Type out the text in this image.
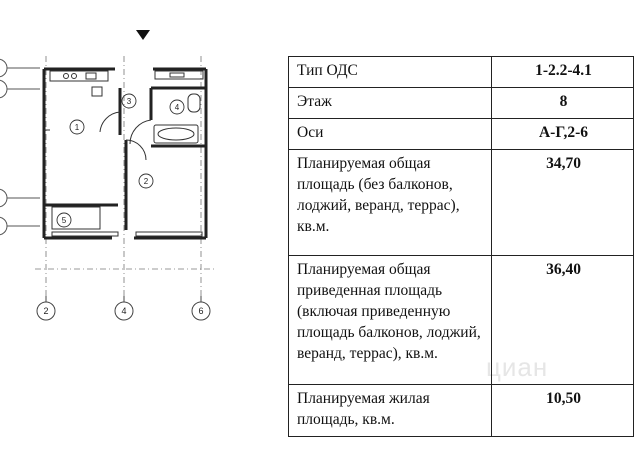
1
2
3
4
5
2	4	6
циан
Тип ОДС	1-2.2-4.1
Этаж	8
Оси	А-Г,2-6
Планируемая общая площадь (без балконов, лоджий, веранд, террас), кв.м.	34,70
Планируемая общая приведенная площадь (включая приведенную площадь балконов, лоджий, веранд, террас), кв.м.	36,40
Планируемая жилая площадь, кв.м.	10,50
